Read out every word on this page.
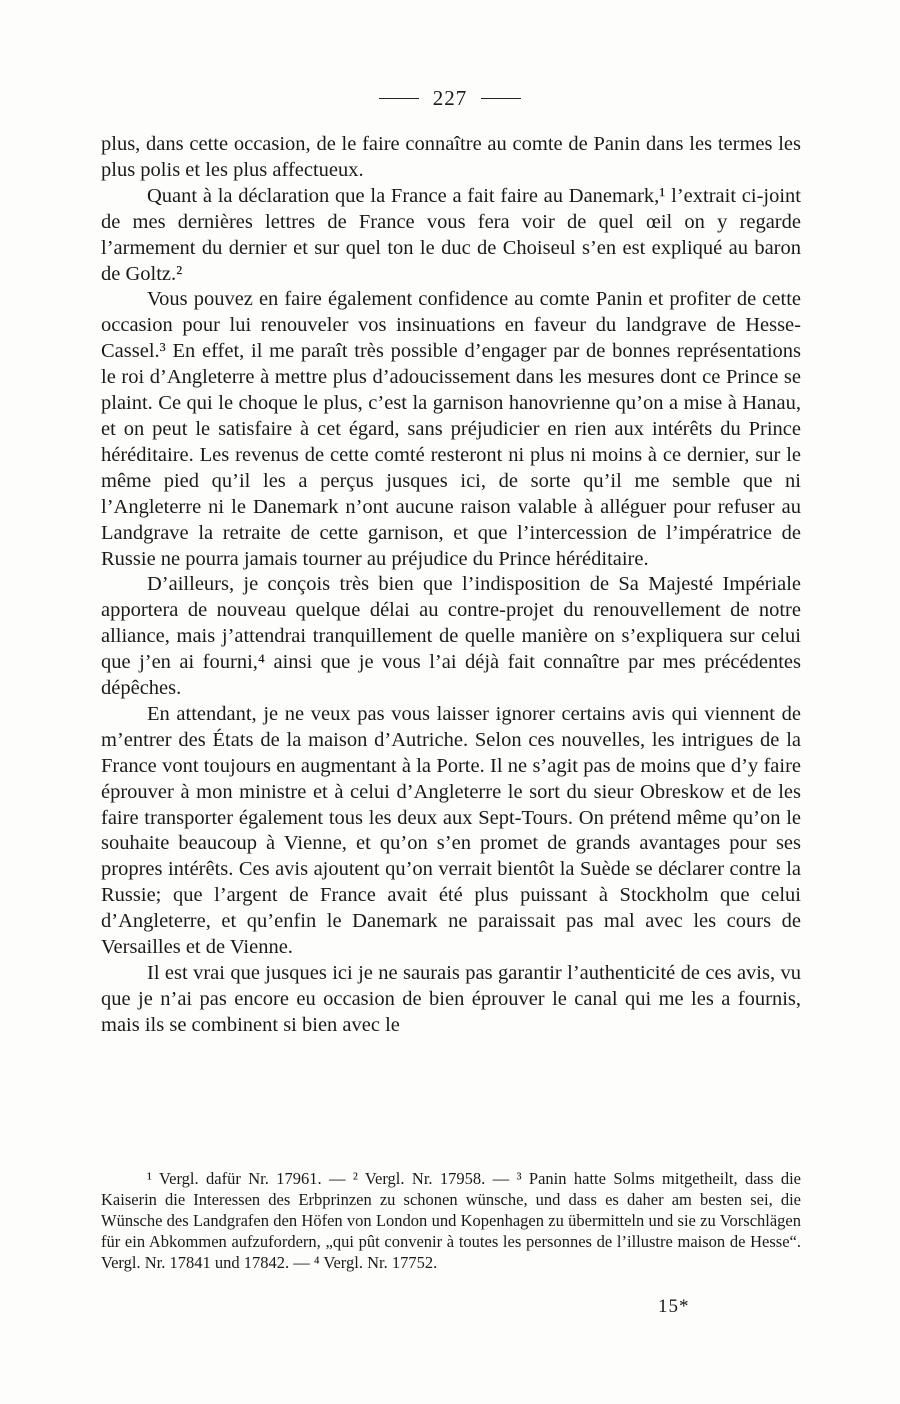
227

plus, dans cette occasion, de le faire connaître au comte de Panin dans les termes les plus polis et les plus affectueux.

Quant à la déclaration que la France a fait faire au Danemark,¹ l’extrait ci-joint de mes dernières lettres de France vous fera voir de quel œil on y regarde l’armement du dernier et sur quel ton le duc de Choiseul s’en est expliqué au baron de Goltz.²

Vous pouvez en faire également confidence au comte Panin et profiter de cette occasion pour lui renouveler vos insinuations en faveur du landgrave de Hesse-Cassel.³ En effet, il me paraît très possible d’engager par de bonnes représentations le roi d’Angleterre à mettre plus d’adoucissement dans les mesures dont ce Prince se plaint. Ce qui le choque le plus, c’est la garnison hanovrienne qu’on a mise à Hanau, et on peut le satisfaire à cet égard, sans préjudicier en rien aux intérêts du Prince héréditaire. Les revenus de cette comté resteront ni plus ni moins à ce dernier, sur le même pied qu’il les a perçus jusques ici, de sorte qu’il me semble que ni l’Angleterre ni le Danemark n’ont aucune raison valable à alléguer pour refuser au Landgrave la retraite de cette garnison, et que l’intercession de l’impératrice de Russie ne pourra jamais tourner au préjudice du Prince héréditaire.

D’ailleurs, je conçois très bien que l’indisposition de Sa Majesté Impériale apportera de nouveau quelque délai au contre-projet du renouvellement de notre alliance, mais j’attendrai tranquillement de quelle manière on s’expliquera sur celui que j’en ai fourni,⁴ ainsi que je vous l’ai déjà fait connaître par mes précédentes dépêches.

En attendant, je ne veux pas vous laisser ignorer certains avis qui viennent de m’entrer des États de la maison d’Autriche. Selon ces nouvelles, les intrigues de la France vont toujours en augmentant à la Porte. Il ne s’agit pas de moins que d’y faire éprouver à mon ministre et à celui d’Angleterre le sort du sieur Obreskow et de les faire transporter également tous les deux aux Sept-Tours. On prétend même qu’on le souhaite beaucoup à Vienne, et qu’on s’en promet de grands avantages pour ses propres intérêts. Ces avis ajoutent qu’on verrait bientôt la Suède se déclarer contre la Russie; que l’argent de France avait été plus puissant à Stockholm que celui d’Angleterre, et qu’enfin le Danemark ne paraissait pas mal avec les cours de Versailles et de Vienne.

Il est vrai que jusques ici je ne saurais pas garantir l’authenticité de ces avis, vu que je n’ai pas encore eu occasion de bien éprouver le canal qui me les a fournis, mais ils se combinent si bien avec le

¹ Vergl. dafür Nr. 17961. — ² Vergl. Nr. 17958. — ³ Panin hatte Solms mitgetheilt, dass die Kaiserin die Interessen des Erbprinzen zu schonen wünsche, und dass es daher am besten sei, die Wünsche des Landgrafen den Höfen von London und Kopenhagen zu übermitteln und sie zu Vorschlägen für ein Abkommen aufzufordern, „qui pût convenir à toutes les personnes de l’illustre maison de Hesse“. Vergl. Nr. 17841 und 17842. — ⁴ Vergl. Nr. 17752.

15*
